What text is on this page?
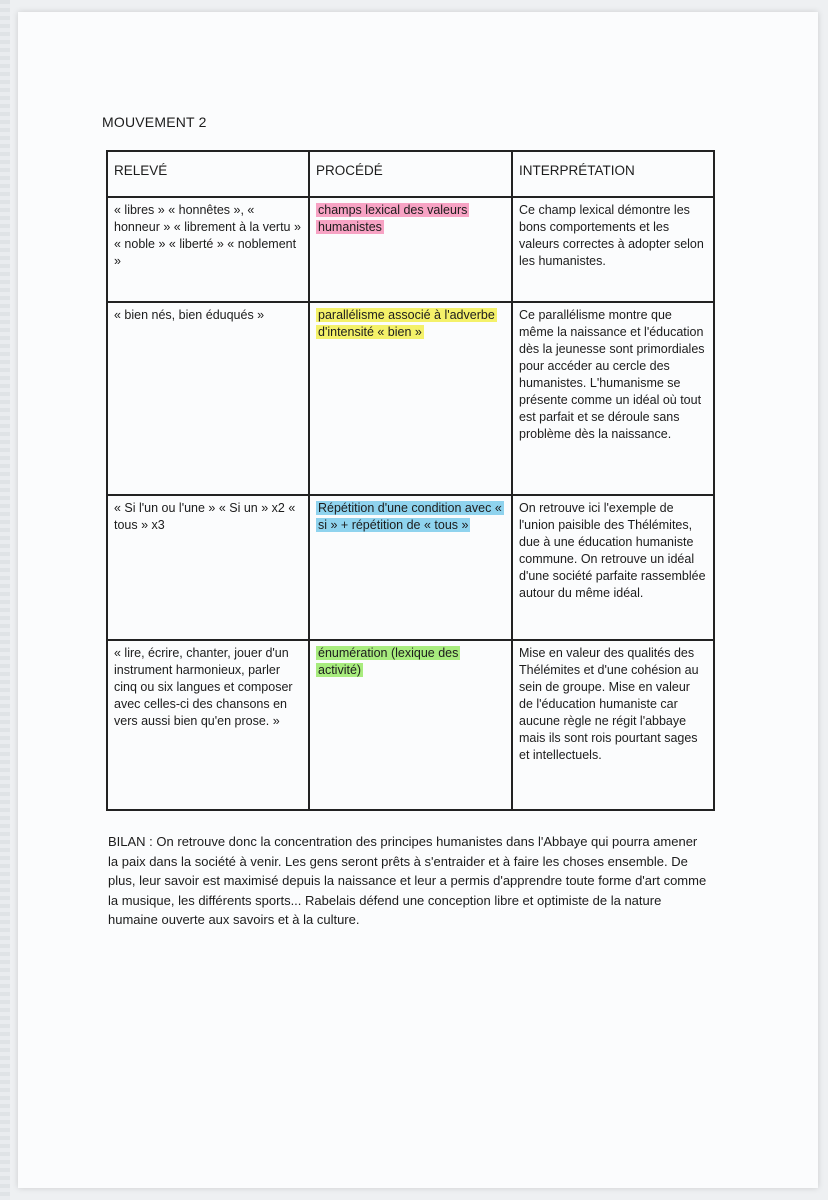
MOUVEMENT 2
RELEVÉ	PROCÉDÉ	INTERPRÉTATION
« libres » « honnêtes », « honneur » « librement à la vertu » « noble » « liberté » « noblement »	champs lexical des valeurs humanistes	Ce champ lexical démontre les bons comportements et les valeurs correctes à adopter selon les humanistes.
« bien nés, bien éduqués »	parallélisme associé à l'adverbe d'intensité « bien »	Ce parallélisme montre que même la naissance et l'éducation dès la jeunesse sont primordiales pour accéder au cercle des humanistes. L'humanisme se présente comme un idéal où tout est parfait et se déroule sans problème dès la naissance.
« Si l'un ou l'une » « Si un » x2 « tous » x3	Répétition d'une condition avec « si » + répétition de « tous »	On retrouve ici l'exemple de l'union paisible des Thélémites, due à une éducation humaniste commune. On retrouve un idéal d'une société parfaite rassemblée autour du même idéal.
« lire, écrire, chanter, jouer d'un instrument harmonieux, parler cinq ou six langues et composer avec celles-ci des chansons en vers aussi bien qu'en prose. »	énumération (lexique des activité)	Mise en valeur des qualités des Thélémites et d'une cohésion au sein de groupe. Mise en valeur de l'éducation humaniste car aucune règle ne régit l'abbaye mais ils sont rois pourtant sages et intellectuels.
BILAN : On retrouve donc la concentration des principes humanistes dans l'Abbaye qui pourra amener la paix dans la société à venir. Les gens seront prêts à s'entraider et à faire les choses ensemble. De plus, leur savoir est maximisé depuis la naissance et leur a permis d'apprendre toute forme d'art comme la musique, les différents sports... Rabelais défend une conception libre et optimiste de la nature humaine ouverte aux savoirs et à la culture.
